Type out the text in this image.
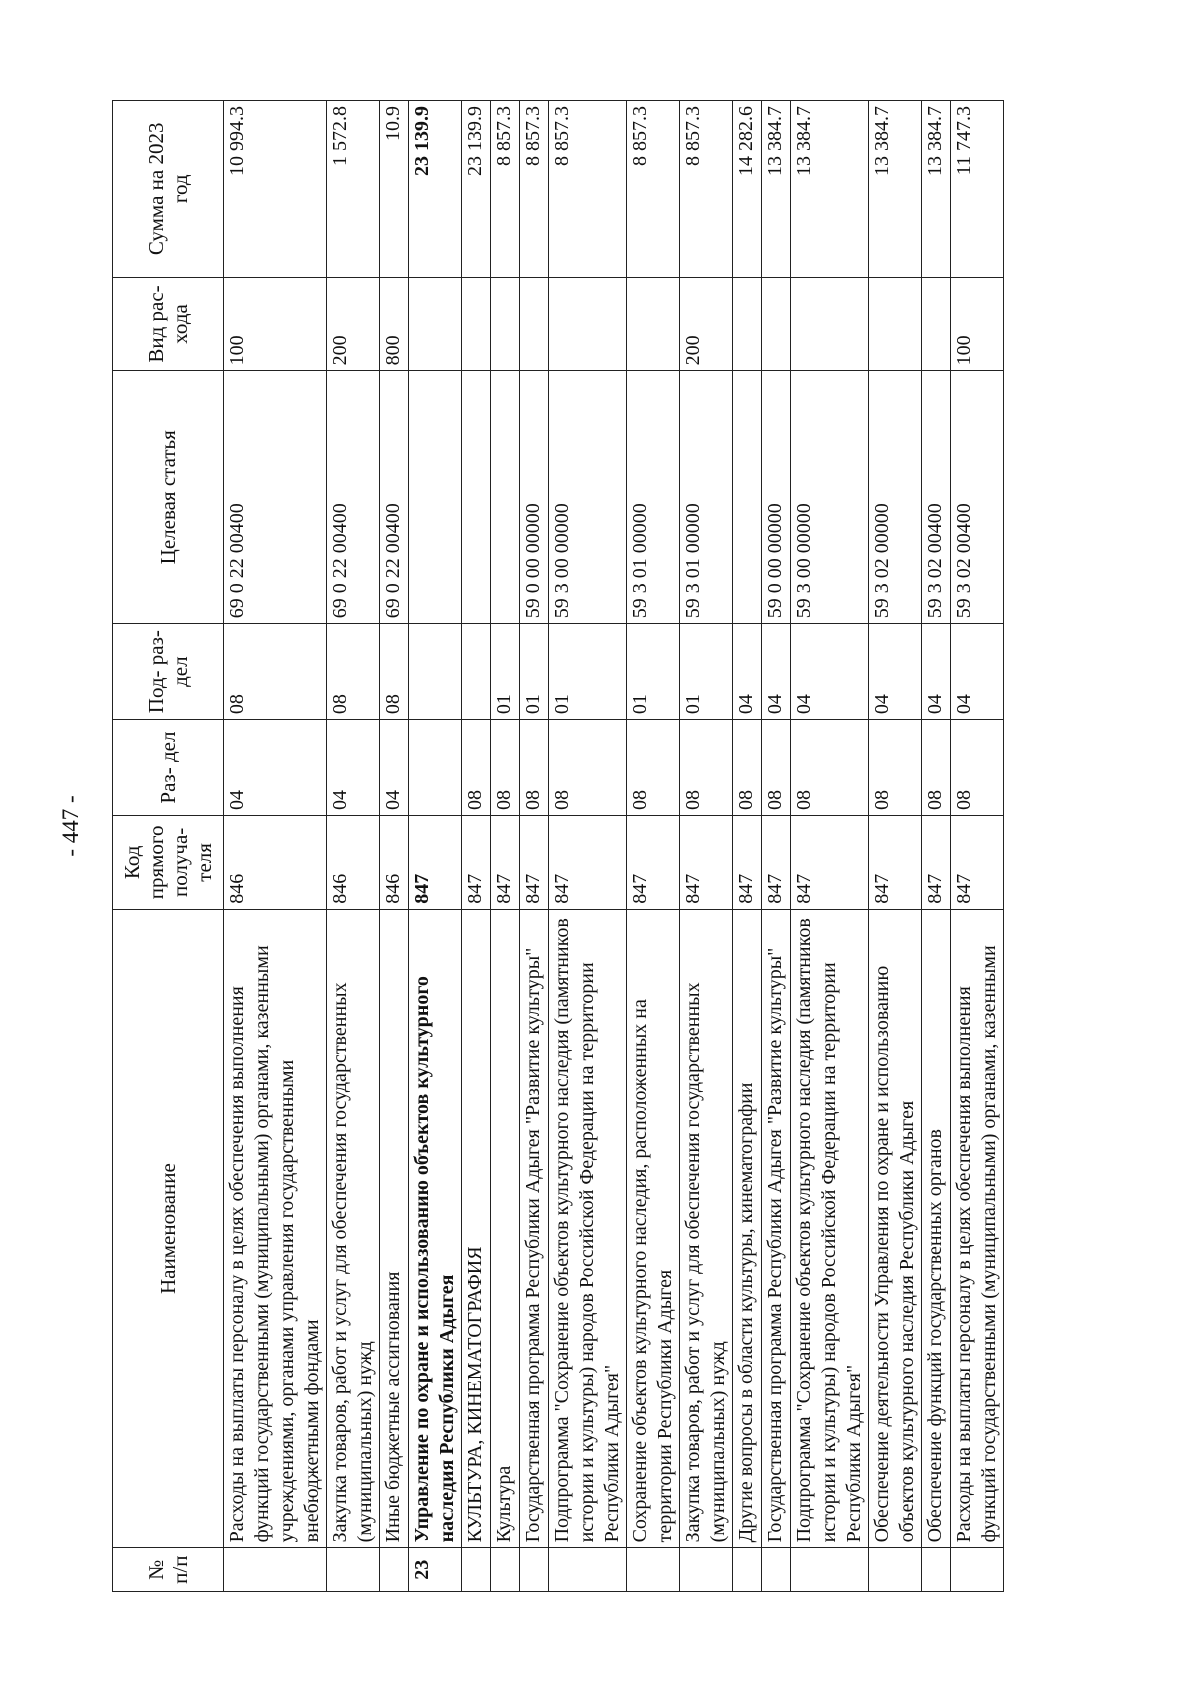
- 447 -
№ п/п	Наименование	Код прямого получа- теля	Раз- дел	Под- раз- дел	Целевая статья	Вид рас- хода	Сумма на 2023 год
	Расходы на выплаты персоналу в целях обеспечения выполнения функций государственными (муниципальными) органами, казенными учреждениями, органами управления государственными внебюджетными фондами	846	04	08	69 0 22 00400	100	10 994.3
	Закупка товаров, работ и услуг для обеспечения государственных (муниципальных) нужд	846	04	08	69 0 22 00400	200	1 572.8
	Иные бюджетные ассигнования	846	04	08	69 0 22 00400	800	10.9
23	Управление по охране и использованию объектов культурного наследия Республики Адыгея	847					23 139.9
	КУЛЬТУРА, КИНЕМАТОГРАФИЯ	847	08				23 139.9
	Культура	847	08	01			8 857.3
	Государственная программа Республики Адыгея "Развитие культуры"	847	08	01	59 0 00 00000		8 857.3
	Подпрограмма "Сохранение объектов культурного наследия (памятников истории и культуры) народов Российской Федерации на территории Республики Адыгея"	847	08	01	59 3 00 00000		8 857.3
	Сохранение объектов культурного наследия, расположенных на территории Республики Адыгея	847	08	01	59 3 01 00000		8 857.3
	Закупка товаров, работ и услуг для обеспечения государственных (муниципальных) нужд	847	08	01	59 3 01 00000	200	8 857.3
	Другие вопросы в области культуры, кинематографии	847	08	04			14 282.6
	Государственная программа Республики Адыгея "Развитие культуры"	847	08	04	59 0 00 00000		13 384.7
	Подпрограмма "Сохранение объектов культурного наследия (памятников истории и культуры) народов Российской Федерации на территории Республики Адыгея"	847	08	04	59 3 00 00000		13 384.7
	Обеспечение деятельности Управления по охране и использованию объектов культурного наследия Республики Адыгея	847	08	04	59 3 02 00000		13 384.7
	Обеспечение функций государственных органов	847	08	04	59 3 02 00400		13 384.7
	Расходы на выплаты персоналу в целях обеспечения выполнения функций государственными (муниципальными) органами, казенными	847	08	04	59 3 02 00400	100	11 747.3
